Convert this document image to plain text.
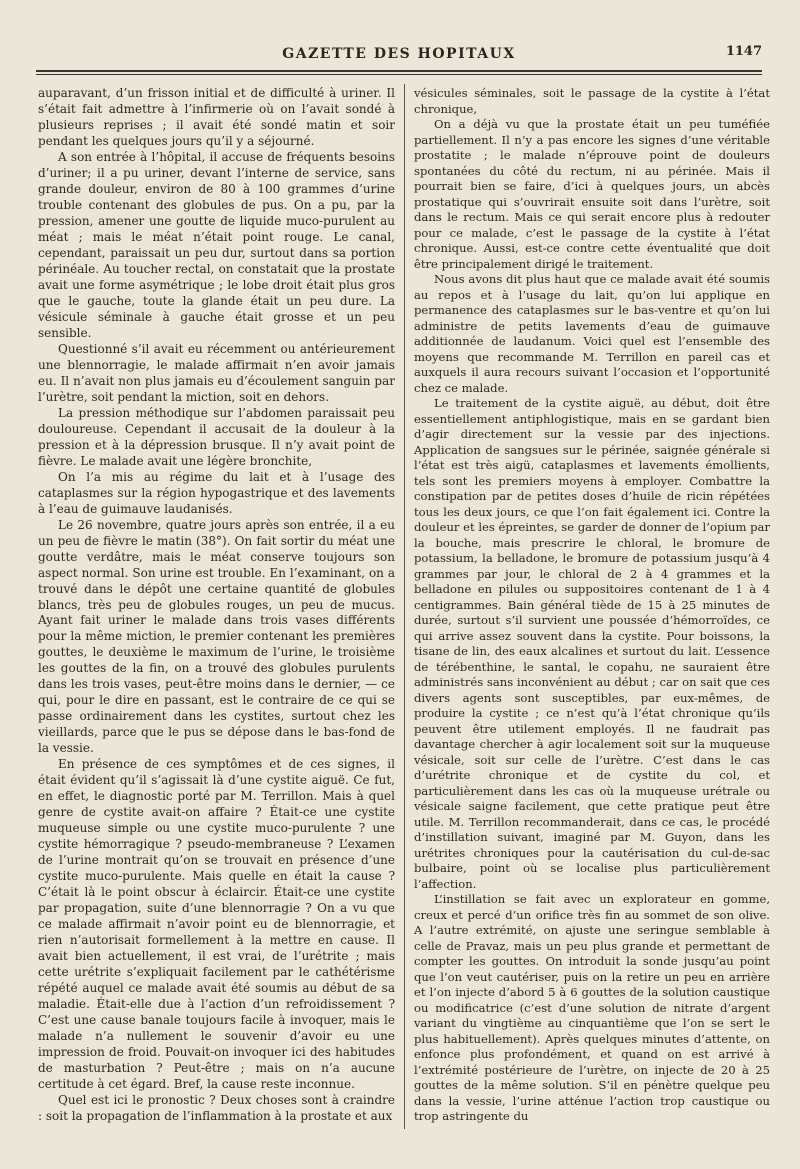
GAZETTE DES HOPITAUX	1147

auparavant, d’un frisson initial et de difficulté à uriner. Il s’était fait admettre à l’infirmerie où on l’avait sondé à plusieurs reprises ; il avait été sondé matin et soir pendant les quelques jours qu’il y a séjourné.

A son entrée à l’hôpital, il accuse de fréquents besoins d’uriner; il a pu uriner, devant l’interne de service, sans grande douleur, environ de 80 à 100 grammes d’urine trouble contenant des globules de pus. On a pu, par la pression, amener une goutte de liquide muco-purulent au méat ; mais le méat n’était point rouge. Le canal, cependant, paraissait un peu dur, surtout dans sa portion périnéale. Au toucher rectal, on constatait que la prostate avait une forme asymétrique ; le lobe droit était plus gros que le gauche, toute la glande était un peu dure. La vésicule séminale à gauche était grosse et un peu sensible.

Questionné s’il avait eu récemment ou antérieurement une blennorragie, le malade affirmait n’en avoir jamais eu. Il n’avait non plus jamais eu d’écoulement sanguin par l’urètre, soit pendant la miction, soit en dehors.

La pression méthodique sur l’abdomen paraissait peu douloureuse. Cependant il accusait de la douleur à la pression et à la dépression brusque. Il n’y avait point de fièvre. Le malade avait une légère bronchite,

On l’a mis au régime du lait et à l’usage des cataplasmes sur la région hypogastrique et des lavements à l’eau de guimauve laudanisés.

Le 26 novembre, quatre jours après son entrée, il a eu un peu de fièvre le matin (38°). On fait sortir du méat une goutte verdâtre, mais le méat conserve toujours son aspect normal. Son urine est trouble. En l’examinant, on a trouvé dans le dépôt une certaine quantité de globules blancs, très peu de globules rouges, un peu de mucus. Ayant fait uriner le malade dans trois vases différents pour la même miction, le premier contenant les premières gouttes, le deuxième le maximum de l’urine, le troisième les gouttes de la fin, on a trouvé des globules purulents dans les trois vases, peut-être moins dans le dernier, — ce qui, pour le dire en passant, est le contraire de ce qui se passe ordinairement dans les cystites, surtout chez les vieillards, parce que le pus se dépose dans le bas-fond de la vessie.

En présence de ces symptômes et de ces signes, il était évident qu’il s’agissait là d’une cystite aiguë. Ce fut, en effet, le diagnostic porté par M. Terrillon. Mais à quel genre de cystite avait-on affaire ? Était-ce une cystite muqueuse simple ou une cystite muco-purulente ? une cystite hémorragique ? pseudo-membraneuse ? L’examen de l’urine montrait qu’on se trouvait en présence d’une cystite muco-purulente. Mais quelle en était la cause ? C’était là le point obscur à éclaircir. Était-ce une cystite par propagation, suite d’une blennorragie ? On a vu que ce malade affirmait n’avoir point eu de blennorragie, et rien n’autorisait formellement à la mettre en cause. Il avait bien actuellement, il est vrai, de l’urétrite ; mais cette urétrite s’expliquait facilement par le cathétérisme répété auquel ce malade avait été soumis au début de sa maladie. Était-elle due à l’action d’un refroidissement ? C’est une cause banale toujours facile à invoquer, mais le malade n’a nullement le souvenir d’avoir eu une impression de froid. Pouvait-on invoquer ici des habitudes de masturbation ? Peut-être ; mais on n’a aucune certitude à cet égard. Bref, la cause reste inconnue.

Quel est ici le pronostic ? Deux choses sont à craindre : soit la propagation de l’inflammation à la prostate et aux

vésicules séminales, soit le passage de la cystite à l’état chronique,

On a déjà vu que la prostate était un peu tuméfiée partiellement. Il n’y a pas encore les signes d’une véritable prostatite ; le malade n’éprouve point de douleurs spontanées du côté du rectum, ni au périnée. Mais il pourrait bien se faire, d’ici à quelques jours, un abcès prostatique qui s’ouvrirait ensuite soit dans l’urètre, soit dans le rectum. Mais ce qui serait encore plus à redouter pour ce malade, c’est le passage de la cystite à l’état chronique. Aussi, est-ce contre cette éventualité que doit être principalement dirigé le traitement.

Nous avons dit plus haut que ce malade avait été soumis au repos et à l’usage du lait, qu’on lui applique en permanence des cataplasmes sur le bas-ventre et qu’on lui administre de petits lavements d’eau de guimauve additionnée de laudanum. Voici quel est l’ensemble des moyens que recommande M. Terrillon en pareil cas et auxquels il aura recours suivant l’occasion et l’opportunité chez ce malade.

Le traitement de la cystite aiguë, au début, doit être essentiellement antiphlogistique, mais en se gardant bien d’agir directement sur la vessie par des injections. Application de sangsues sur le périnée, saignée générale si l’état est très aigü, cataplasmes et lavements émollients, tels sont les premiers moyens à employer. Combattre la constipation par de petites doses d’huile de ricin répétées tous les deux jours, ce que l’on fait également ici. Contre la douleur et les épreintes, se garder de donner de l’opium par la bouche, mais prescrire le chloral, le bromure de potassium, la belladone, le bromure de potassium jusqu’à 4 grammes par jour, le chloral de 2 à 4 grammes et la belladone en pilules ou suppositoires contenant de 1 à 4 centigrammes. Bain général tiède de 15 à 25 minutes de durée, surtout s’il survient une poussée d’hémorroïdes, ce qui arrive assez souvent dans la cystite. Pour boissons, la tisane de lin, des eaux alcalines et surtout du lait. L’essence de térébenthine, le santal, le copahu, ne sauraient être administrés sans inconvénient au début ; car on sait que ces divers agents sont susceptibles, par eux-mêmes, de produire la cystite ; ce n’est qu’à l’état chronique qu’ils peuvent être utilement employés. Il ne faudrait pas davantage chercher à agir localement soit sur la muqueuse vésicale, soit sur celle de l’urètre. C’est dans le cas d’urétrite chronique et de cystite du col, et particulièrement dans les cas où la muqueuse urétrale ou vésicale saigne facilement, que cette pratique peut être utile. M. Terrillon recommanderait, dans ce cas, le procédé d’instillation suivant, imaginé par M. Guyon, dans les urétrites chroniques pour la cautérisation du cul-de-sac bulbaire, point où se localise plus particulièrement l’affection.

L’instillation se fait avec un explorateur en gomme, creux et percé d’un orifice très fin au sommet de son olive. A l’autre extrémité, on ajuste une seringue semblable à celle de Pravaz, mais un peu plus grande et permettant de compter les gouttes. On introduit la sonde jusqu’au point que l’on veut cautériser, puis on la retire un peu en arrière et l’on injecte d’abord 5 à 6 gouttes de la solution caustique ou modificatrice (c’est d’une solution de nitrate d’argent variant du vingtième au cinquantième que l’on se sert le plus habituellement). Après quelques minutes d’attente, on enfonce plus profondément, et quand on est arrivé à l’extrémité postérieure de l’urètre, on injecte de 20 à 25 gouttes de la même solution. S’il en pénètre quelque peu dans la vessie, l’urine atténue l’action trop caustique ou trop astringente du
